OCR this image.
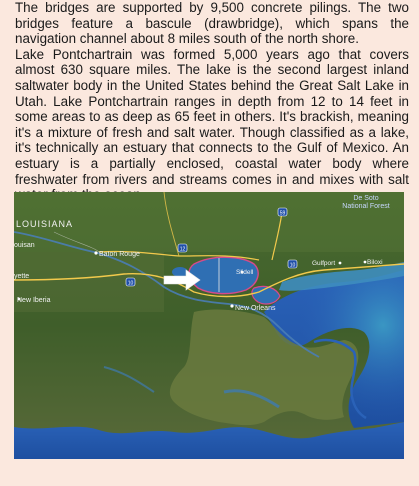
The bridges are supported by 9,500 concrete pilings. The two bridges feature a bascule (drawbridge), which spans the navigation channel about 8 miles south of the north shore.

Lake Pontchartrain was formed 5,000 years ago that covers almost 630 square miles. The lake is the second largest inland saltwater body in the United States behind the Great Salt Lake in Utah. Lake Pontchartrain ranges in depth from 12 to 14 feet in some areas to as deep as 65 feet in others. It's brackish, meaning it's a mixture of fresh and salt water. Though classified as a lake, it's technically an estuary that connects to the Gulf of Mexico. An estuary is a partially enclosed, coastal water body where freshwater from rivers and streams comes in and mixes with salt

59
12
10
10
De Soto
National Forest
LOUISIANA
ouisan
Baton Rouge
Slidell
Gulfport	Biloxi
yette
New Iberia
New Orleans
